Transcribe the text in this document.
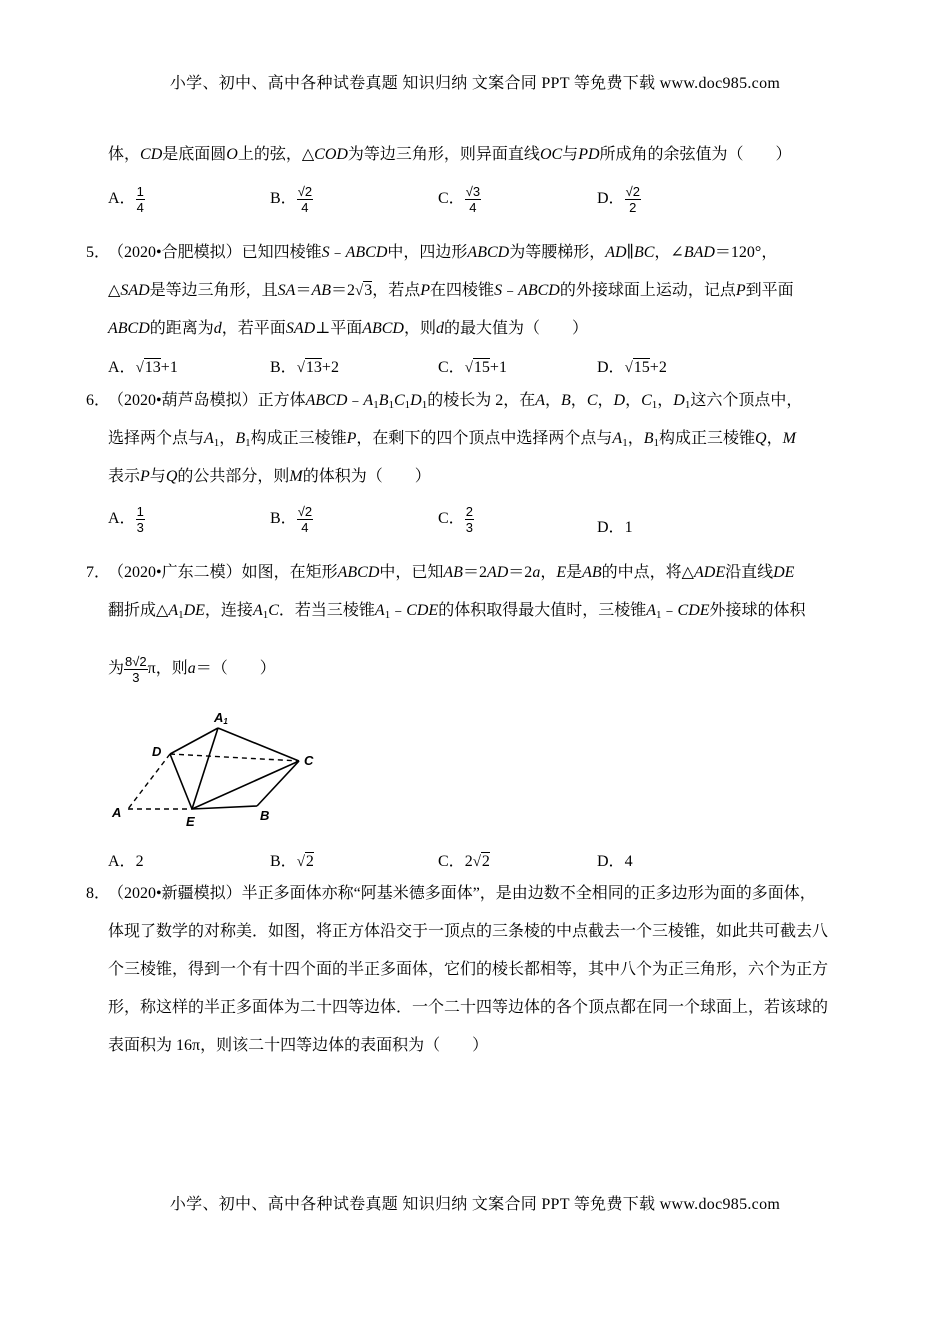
小学、初中、高中各种试卷真题 知识归纳 文案合同 PPT 等免费下载 www.doc985.com
体，CD是底面圆O上的弦，△COD为等边三角形，则异面直线OC与PD所成角的余弦值为（　　）
A． $\frac{1}{4}$	B． $\frac{√2}{4}$	C． $\frac{√3}{4}$	D． $\frac{√2}{2}$
5．
（2020•合肥模拟）已知四棱锥S﹣ABCD中，四边形ABCD为等腰梯形，AD∥BC，∠BAD＝120°，
△SAD是等边三角形，且SA＝AB＝2√3，若点P在四棱锥S﹣ABCD的外接球面上运动，记点P到平面
ABCD的距离为d，若平面SAD⊥平面ABCD，则d的最大值为（　　）
A．√13+1	B．√13+2	C．√15+1	D．√15+2
6．
（2020•葫芦岛模拟）正方体$ABCD﹣A_1B_1C_1D_1$的棱长为 2，在A，B，C，D，$C_1$，$D_1$这六个顶点中，
选择两个点与$A_1$，$B_1$构成正三棱锥P，在剩下的四个顶点中选择两个点与$A_1$，$B_1$构成正三棱锥Q，M
表示P与Q的公共部分，则M的体积为（　　）
A． $\frac{1}{3}$	B． $\frac{√2}{4}$	C． $\frac{2}{3}$	D．1
7．
（2020•广东二模）如图，在矩形ABCD中，已知AB＝2AD＝2a，E是AB的中点，将△ADE沿直线DE
翻折成$\triangle A_1DE$，连接$A_1C$．若当三棱锥$A_1﹣CDE$的体积取得最大值时，三棱锥$A_1﹣CDE$外接球的体积
为 $\frac{8√2}{3}$ π，则a＝（　　）
A1
D
C
A
E	B
A．2	B．√2	C．2√2	D．4
8．
（2020•新疆模拟）半正多面体亦称“阿基米德多面体”，是由边数不全相同的正多边形为面的多面体，
体现了数学的对称美．如图，将正方体沿交于一顶点的三条棱的中点截去一个三棱锥，如此共可截去八
个三棱锥，得到一个有十四个面的半正多面体，它们的棱长都相等，其中八个为正三角形，六个为正方
形，称这样的半正多面体为二十四等边体．一个二十四等边体的各个顶点都在同一个球面上，若该球的
表面积为 16π，则该二十四等边体的表面积为（　　）
小学、初中、高中各种试卷真题 知识归纳 文案合同 PPT 等免费下载 www.doc985.com
